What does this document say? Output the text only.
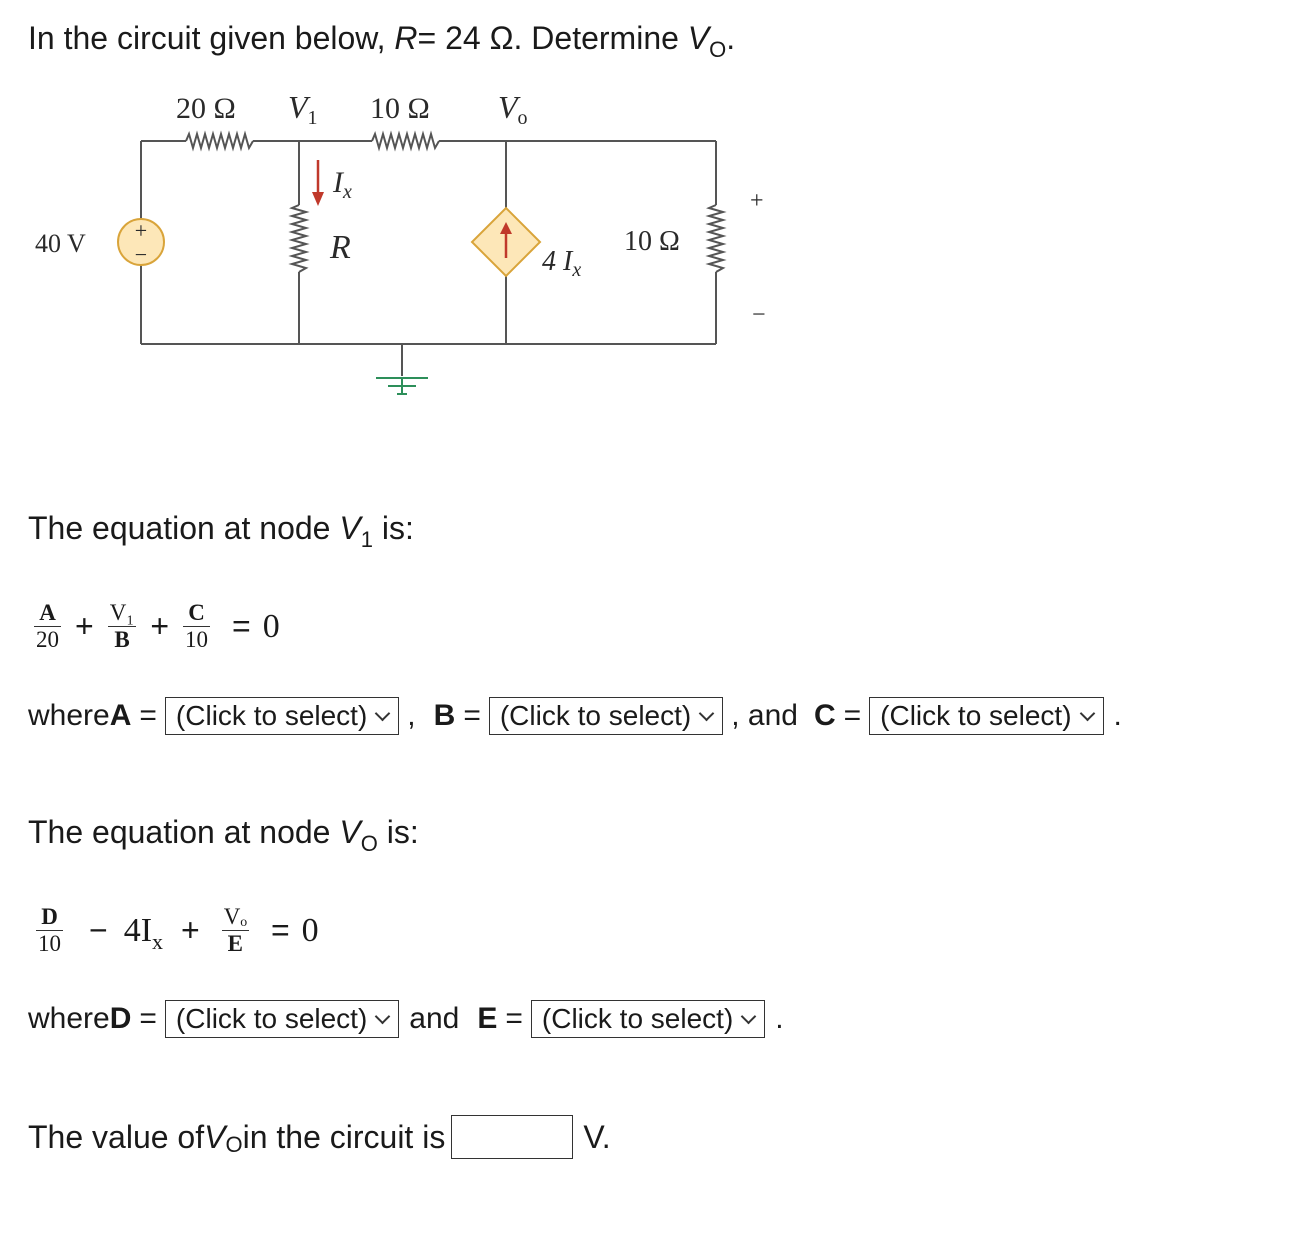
In the circuit given below, R= 24 Ω. Determine $V_O$.
+
−
20 Ω V1 10 Ω Vo
40 V
$I_x$
R	4 $I_x$
10 Ω
+
−
The equation at node $V_1$ is:
$\frac{A}{20} + \frac{\text{V₁}}{B} + \frac{C}{10} = 0$
where A = (Click to select) , B = (Click to select) , and C = (Click to select) .
The equation at node $V_O$ is:
$\frac{D}{10} - 4I_x + \frac{\text{Vₒ}}{E} = 0$
where D = (Click to select) and E = (Click to select) .
The value of V O in the circuit is	V.
